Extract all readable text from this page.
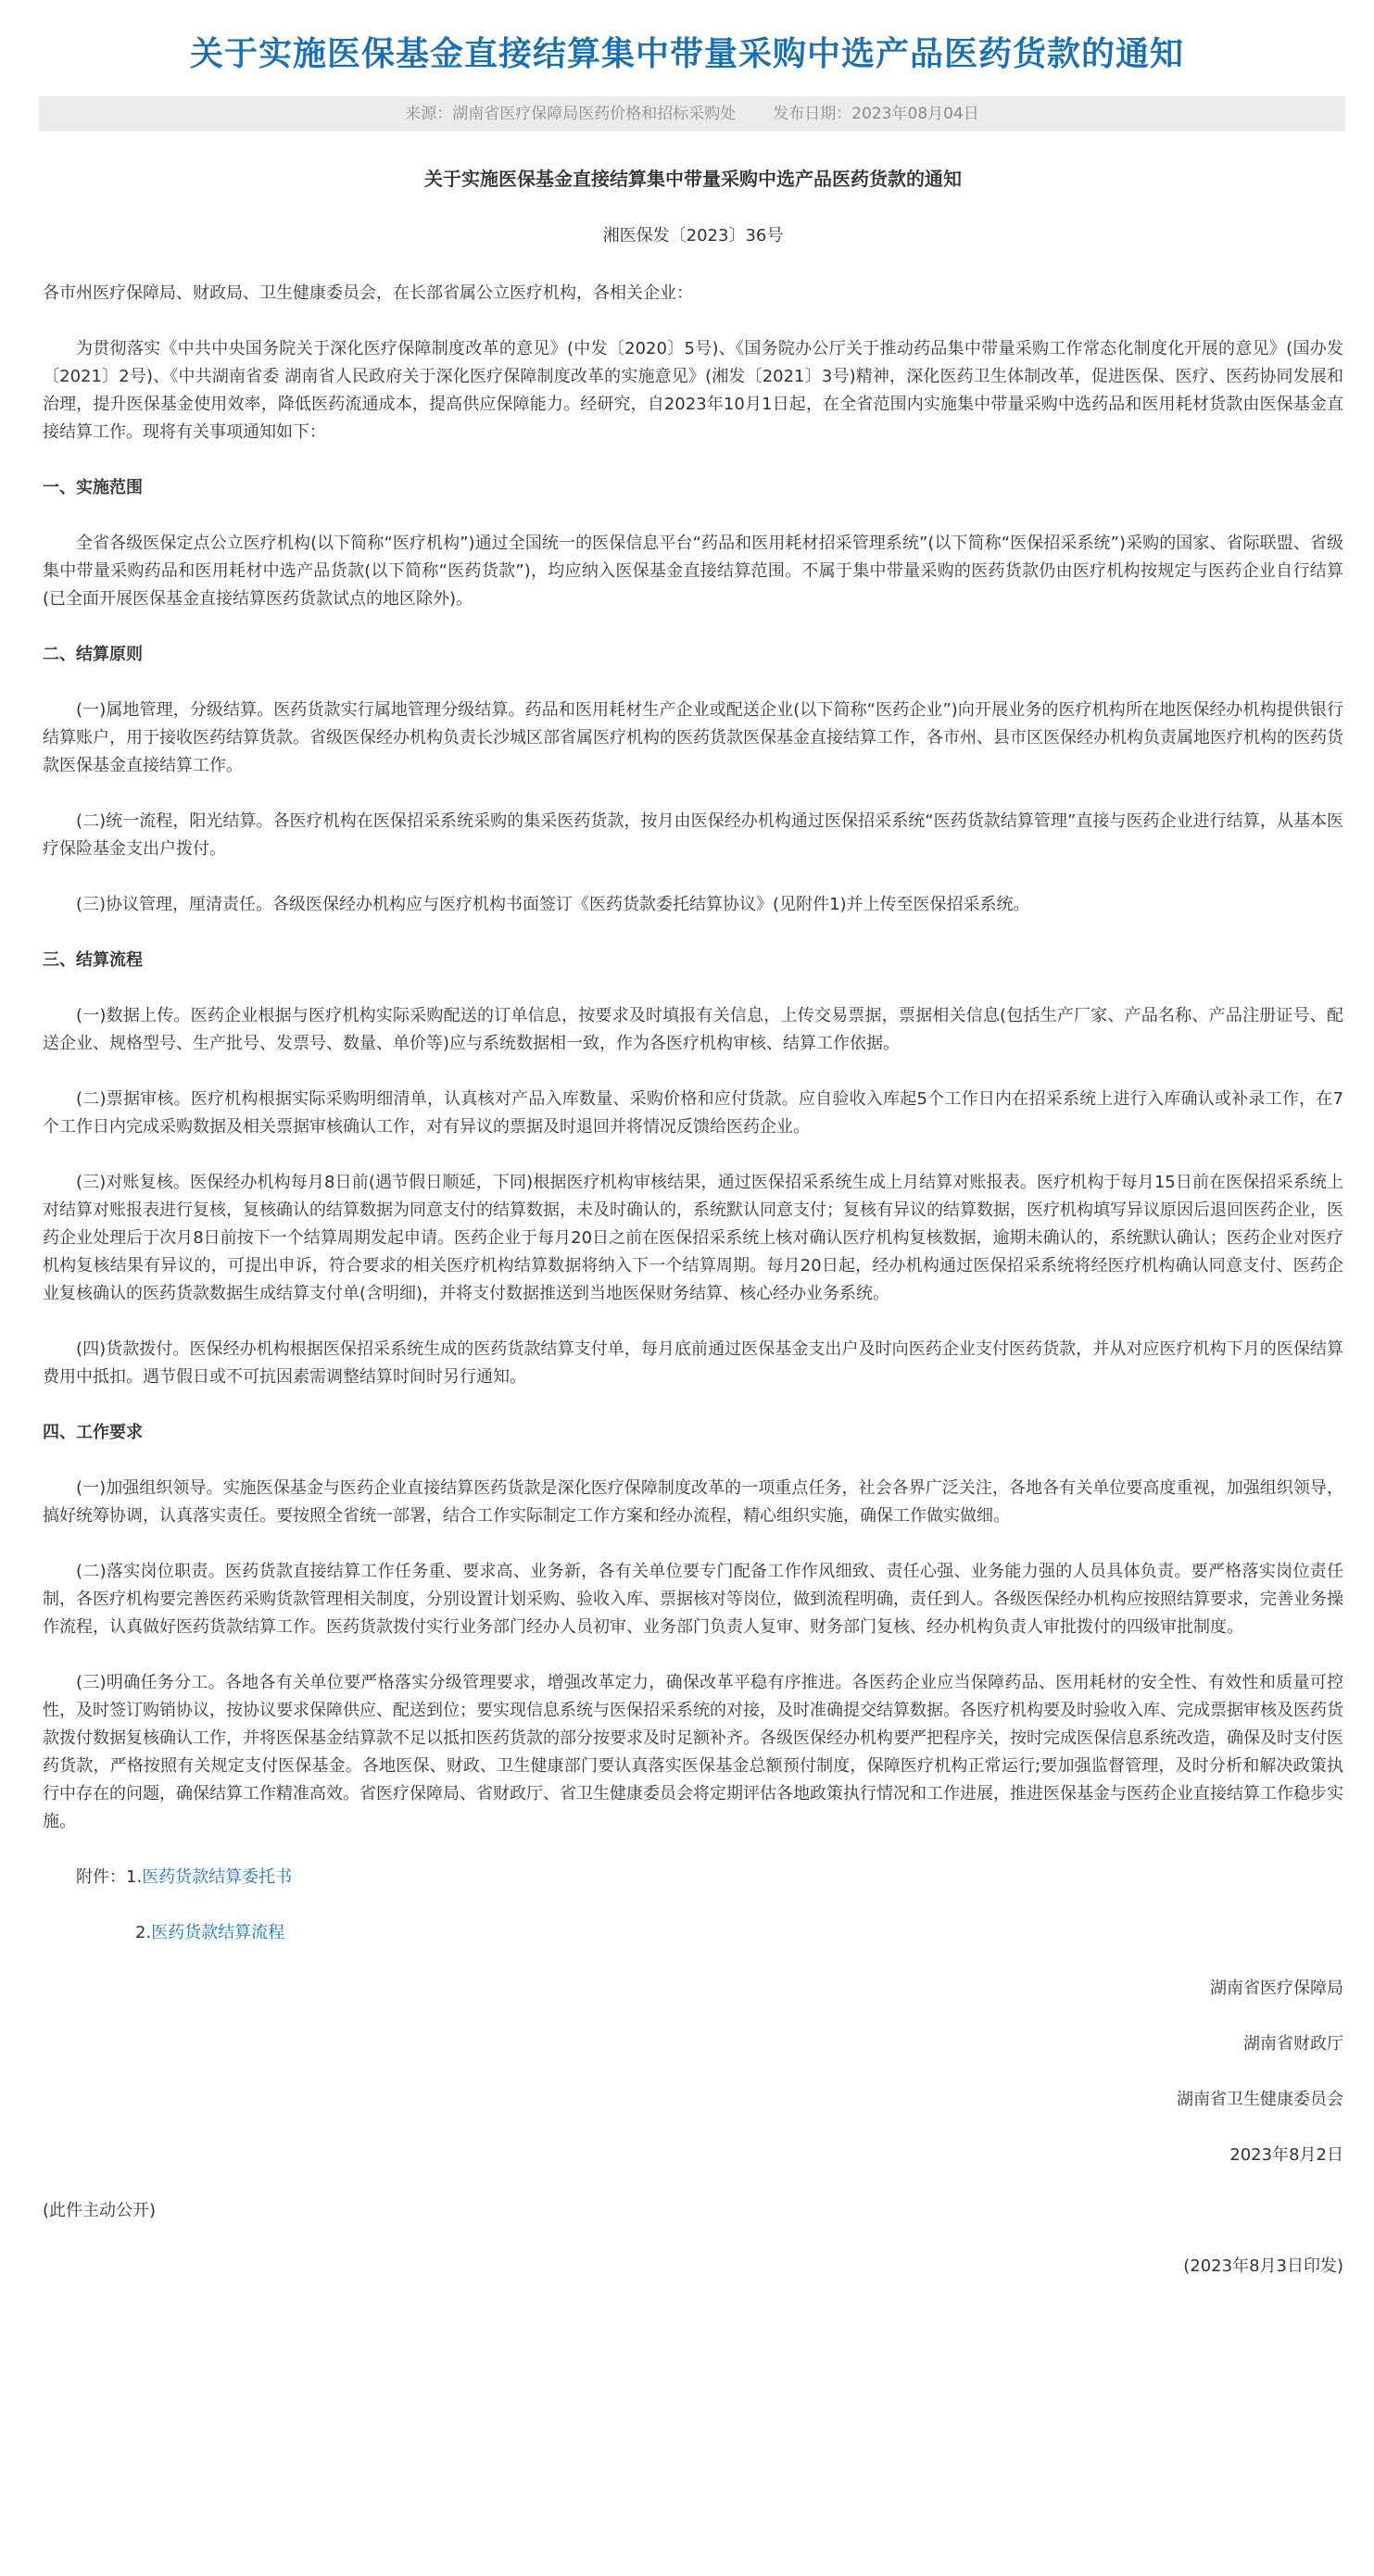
关于实施医保基金直接结算集中带量采购中选产品医药货款的通知
来源：湖南省医疗保障局医药价格和招标采购处 发布日期：2023年08月04日

关于实施医保基金直接结算集中带量采购中选产品医药货款的通知

湘医保发〔2023〕36号

各市州医疗保障局、财政局、卫生健康委员会，在长部省属公立医疗机构，各相关企业：

为贯彻落实《中共中央国务院关于深化医疗保障制度改革的意见》(中发〔2020〕5号)、《国务院办公厅关于推动药品集中带量采购工作常态化制度化开展的意见》(国办发〔2021〕2号)、《中共湖南省委 湖南省人民政府关于深化医疗保障制度改革的实施意见》(湘发〔2021〕3号)精神，深化医药卫生体制改革，促进医保、医疗、医药协同发展和治理，提升医保基金使用效率，降低医药流通成本，提高供应保障能力。经研究，自2023年10月1日起，在全省范围内实施集中带量采购中选药品和医用耗材货款由医保基金直接结算工作。现将有关事项通知如下：

一、实施范围

全省各级医保定点公立医疗机构(以下简称“医疗机构”)通过全国统一的医保信息平台“药品和医用耗材招采管理系统”(以下简称“医保招采系统”)采购的国家、省际联盟、省级集中带量采购药品和医用耗材中选产品货款(以下简称“医药货款”)，均应纳入医保基金直接结算范围。不属于集中带量采购的医药货款仍由医疗机构按规定与医药企业自行结算(已全面开展医保基金直接结算医药货款试点的地区除外)。

二、结算原则

(一)属地管理，分级结算。医药货款实行属地管理分级结算。药品和医用耗材生产企业或配送企业(以下简称“医药企业”)向开展业务的医疗机构所在地医保经办机构提供银行结算账户，用于接收医药结算货款。省级医保经办机构负责长沙城区部省属医疗机构的医药货款医保基金直接结算工作，各市州、县市区医保经办机构负责属地医疗机构的医药货款医保基金直接结算工作。

(二)统一流程，阳光结算。各医疗机构在医保招采系统采购的集采医药货款，按月由医保经办机构通过医保招采系统“医药货款结算管理”直接与医药企业进行结算，从基本医疗保险基金支出户拨付。

(三)协议管理，厘清责任。各级医保经办机构应与医疗机构书面签订《医药货款委托结算协议》(见附件1)并上传至医保招采系统。

三、结算流程

(一)数据上传。医药企业根据与医疗机构实际采购配送的订单信息，按要求及时填报有关信息，上传交易票据，票据相关信息(包括生产厂家、产品名称、产品注册证号、配送企业、规格型号、生产批号、发票号、数量、单价等)应与系统数据相一致，作为各医疗机构审核、结算工作依据。

(二)票据审核。医疗机构根据实际采购明细清单，认真核对产品入库数量、采购价格和应付货款。应自验收入库起5个工作日内在招采系统上进行入库确认或补录工作，在7个工作日内完成采购数据及相关票据审核确认工作，对有异议的票据及时退回并将情况反馈给医药企业。

(三)对账复核。医保经办机构每月8日前(遇节假日顺延，下同)根据医疗机构审核结果，通过医保招采系统生成上月结算对账报表。医疗机构于每月15日前在医保招采系统上对结算对账报表进行复核，复核确认的结算数据为同意支付的结算数据，未及时确认的，系统默认同意支付；复核有异议的结算数据，医疗机构填写异议原因后退回医药企业，医药企业处理后于次月8日前按下一个结算周期发起申请。医药企业于每月20日之前在医保招采系统上核对确认医疗机构复核数据，逾期未确认的，系统默认确认；医药企业对医疗机构复核结果有异议的，可提出申诉，符合要求的相关医疗机构结算数据将纳入下一个结算周期。每月20日起，经办机构通过医保招采系统将经医疗机构确认同意支付、医药企业复核确认的医药货款数据生成结算支付单(含明细)，并将支付数据推送到当地医保财务结算、核心经办业务系统。

(四)货款拨付。医保经办机构根据医保招采系统生成的医药货款结算支付单，每月底前通过医保基金支出户及时向医药企业支付医药货款，并从对应医疗机构下月的医保结算费用中抵扣。遇节假日或不可抗因素需调整结算时间时另行通知。

四、工作要求

(一)加强组织领导。实施医保基金与医药企业直接结算医药货款是深化医疗保障制度改革的一项重点任务，社会各界广泛关注，各地各有关单位要高度重视，加强组织领导，搞好统筹协调，认真落实责任。要按照全省统一部署，结合工作实际制定工作方案和经办流程，精心组织实施，确保工作做实做细。

(二)落实岗位职责。医药货款直接结算工作任务重、要求高、业务新，各有关单位要专门配备工作作风细致、责任心强、业务能力强的人员具体负责。要严格落实岗位责任制，各医疗机构要完善医药采购货款管理相关制度，分别设置计划采购、验收入库、票据核对等岗位，做到流程明确，责任到人。各级医保经办机构应按照结算要求，完善业务操作流程，认真做好医药货款结算工作。医药货款拨付实行业务部门经办人员初审、业务部门负责人复审、财务部门复核、经办机构负责人审批拨付的四级审批制度。

(三)明确任务分工。各地各有关单位要严格落实分级管理要求，增强改革定力，确保改革平稳有序推进。各医药企业应当保障药品、医用耗材的安全性、有效性和质量可控性，及时签订购销协议，按协议要求保障供应、配送到位；要实现信息系统与医保招采系统的对接，及时准确提交结算数据。各医疗机构要及时验收入库、完成票据审核及医药货款拨付数据复核确认工作，并将医保基金结算款不足以抵扣医药货款的部分按要求及时足额补齐。各级医保经办机构要严把程序关，按时完成医保信息系统改造，确保及时支付医药货款，严格按照有关规定支付医保基金。各地医保、财政、卫生健康部门要认真落实医保基金总额预付制度，保障医疗机构正常运行;要加强监督管理，及时分析和解决政策执行中存在的问题，确保结算工作精准高效。省医疗保障局、省财政厅、省卫生健康委员会将定期评估各地政策执行情况和工作进展，推进医保基金与医药企业直接结算工作稳步实施。

附件：1.医药货款结算委托书
2.医药货款结算流程

湖南省医疗保障局

湖南省财政厅

湖南省卫生健康委员会

2023年8月2日

(此件主动公开)

(2023年8月3日印发)
